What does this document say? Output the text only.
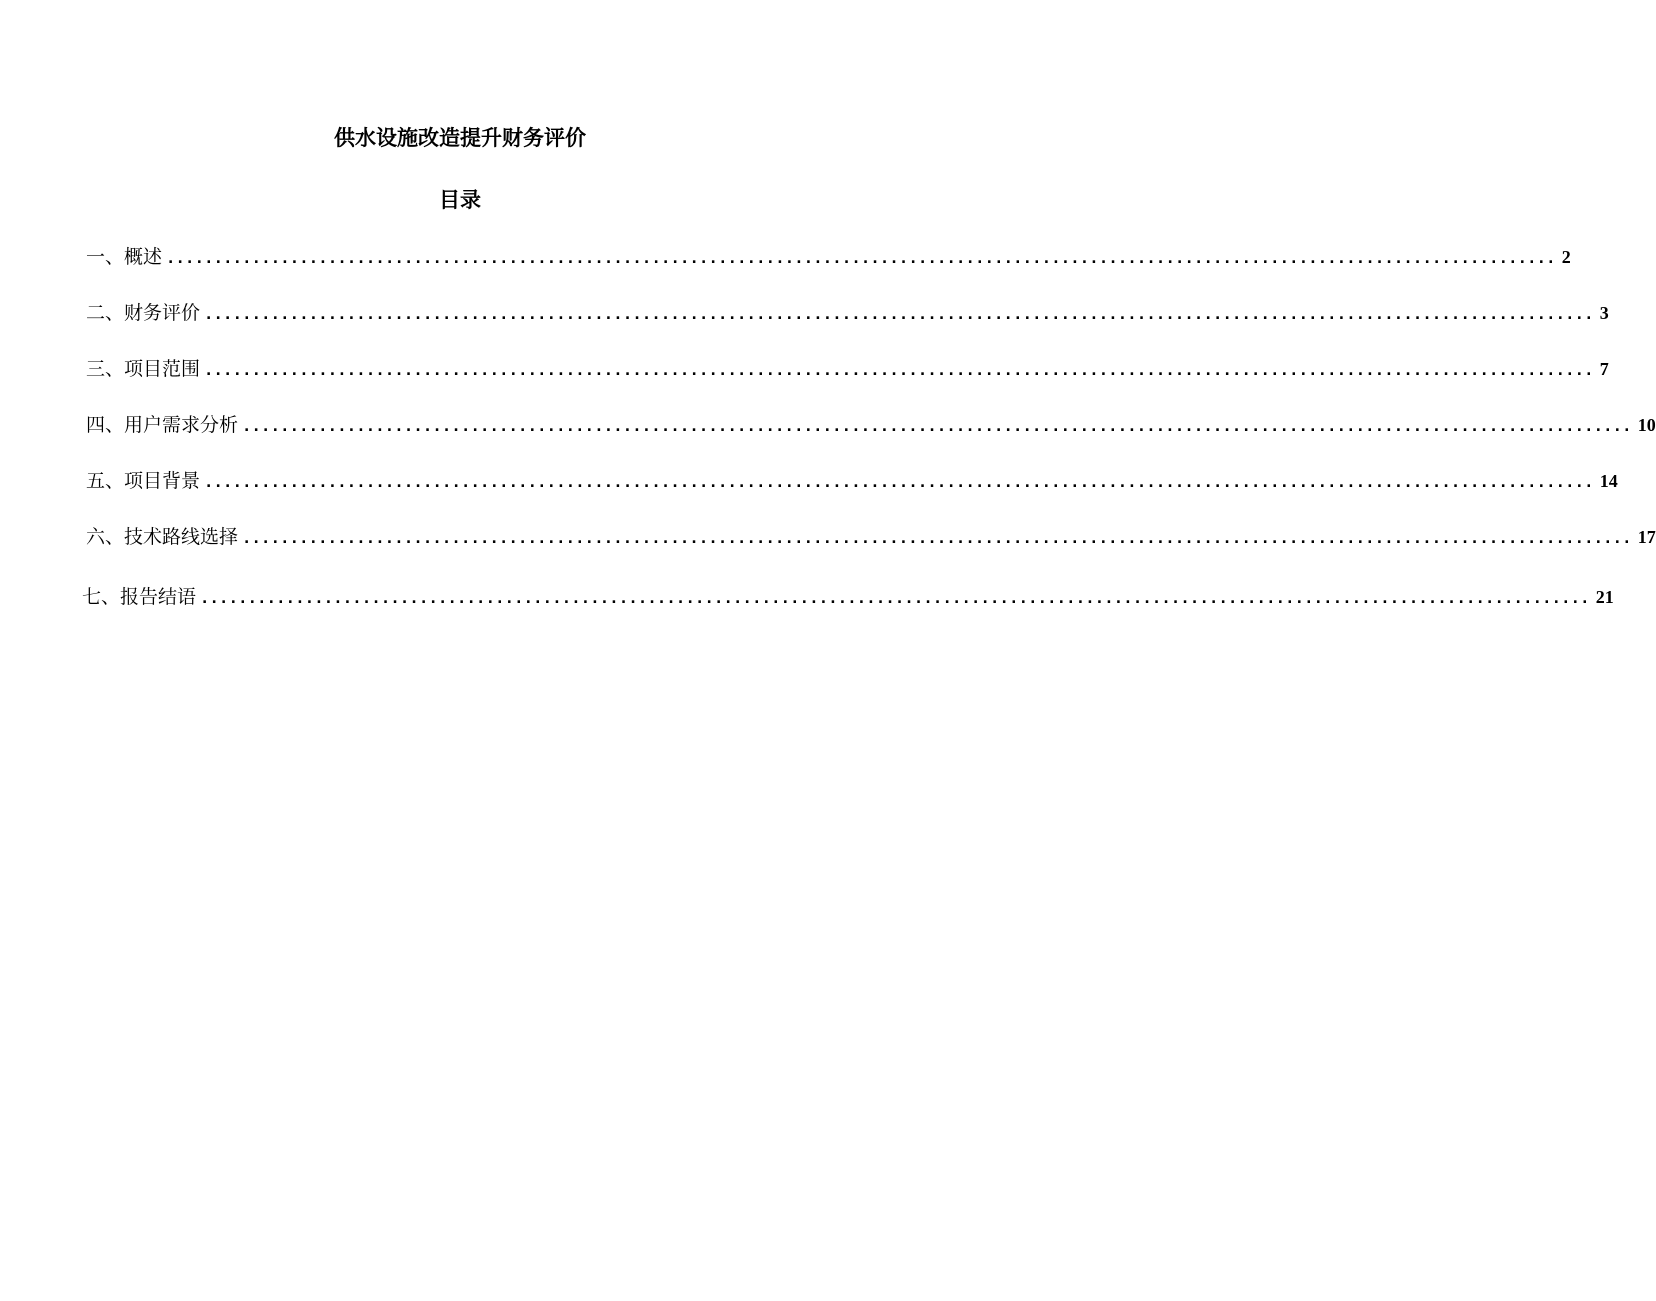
供水设施改造提升财务评价
目录
一、概述 .................................................................................................................................................. 2
二、财务评价 .................................................................................................................................................. 3
三、项目范围 .................................................................................................................................................. 7
四、用户需求分析 .................................................................................................................................................. 10
五、项目背景 .................................................................................................................................................. 14
六、技术路线选择 .................................................................................................................................................. 17
七、报告结语 .................................................................................................................................................. 21
